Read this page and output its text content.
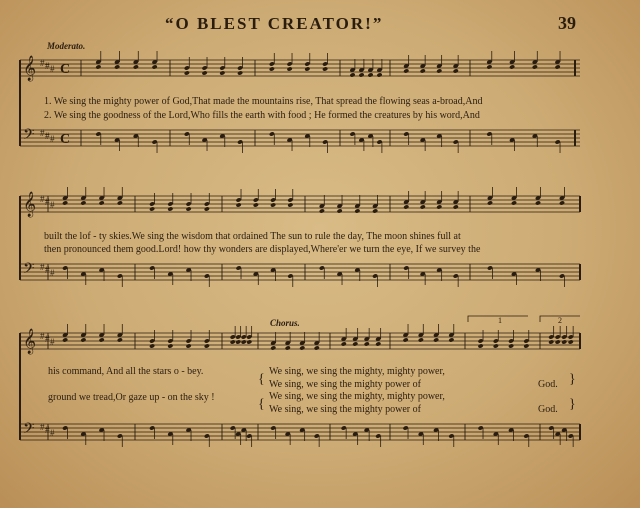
“O BLEST CREATOR!”	39
Moderato.
Chorus.	1	2
𝄞
𝄢
#
#
#
#
#
#
𝄞
𝄢
#
#
#
#
#
#
𝄞
𝄢
#
#
#
#
#
#
C
C
1. We sing the mighty power of God,That made the mountains rise, That spread the flowing seas a-broad,And
2. We sing the goodness of the Lord,Who fills the earth with food ; He formed the creatures by his word,And
built the lof - ty skies.We sing the wisdom that ordained The sun to rule the day, The moon shines full at
then pronounced them good.Lord! how thy wonders are displayed,Where'er we turn the eye, If we survey the
his command, And all the stars o - bey.
{
We sing, we sing the mighty, mighty power,
We sing, we sing the mighty power of	God. }
ground we tread,Or gaze up - on the sky !	{
We sing, we sing the mighty, mighty power,
We sing, we sing the mighty power of	God. }
